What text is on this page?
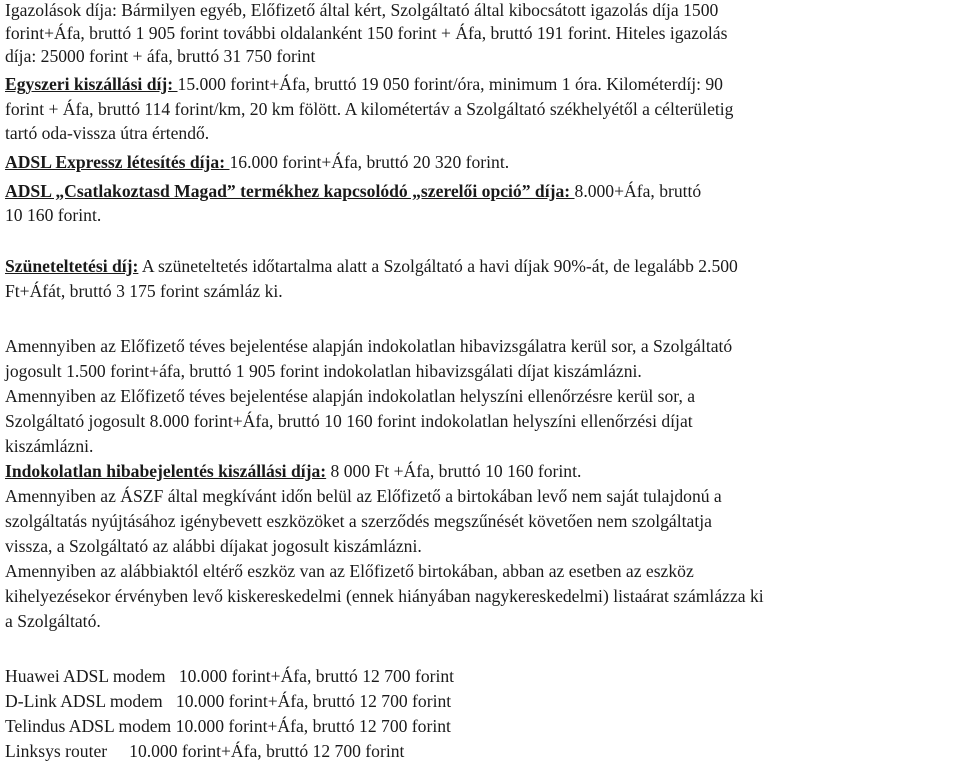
Igazolások díja: Bármilyen egyéb, Előfizető által kért, Szolgáltató által kibocsátott igazolás díja 1500
forint+Áfa, bruttó 1 905 forint további oldalanként 150 forint + Áfa, bruttó 191 forint. Hiteles igazolás
díja: 25000 forint + áfa, bruttó 31 750 forint
Egyszeri kiszállási díj: 15.000 forint+Áfa, bruttó 19 050 forint/óra, minimum 1 óra. Kilométerdíj: 90
forint + Áfa, bruttó 114 forint/km, 20 km fölött. A kilométertáv a Szolgáltató székhelyétől a célterületig
tartó oda-vissza útra értendő.
ADSL Expressz létesítés díja: 16.000 forint+Áfa, bruttó 20 320 forint.
ADSL „Csatlakoztasd Magad” termékhez kapcsolódó „szerelői opció” díja: 8.000+Áfa, bruttó
10 160 forint.
Szüneteltetési díj: A szüneteltetés időtartalma alatt a Szolgáltató a havi díjak 90%-át, de legalább 2.500
Ft+Áfát, bruttó 3 175 forint számláz ki.
Amennyiben az Előfizető téves bejelentése alapján indokolatlan hibavizsgálatra kerül sor, a Szolgáltató
jogosult 1.500 forint+áfa, bruttó 1 905 forint indokolatlan hibavizsgálati díjat kiszámlázni.
Amennyiben az Előfizető téves bejelentése alapján indokolatlan helyszíni ellenőrzésre kerül sor, a
Szolgáltató jogosult 8.000 forint+Áfa, bruttó 10 160 forint indokolatlan helyszíni ellenőrzési díjat
kiszámlázni.
Indokolatlan hibabejelentés kiszállási díja: 8 000 Ft +Áfa, bruttó 10 160 forint.
Amennyiben az ÁSZF által megkívánt időn belül az Előfizető a birtokában levő nem saját tulajdonú a
szolgáltatás nyújtásához igénybevett eszközöket a szerződés megszűnését követően nem szolgáltatja
vissza, a Szolgáltató az alábbi díjakat jogosult kiszámlázni.
Amennyiben az alábbiaktól eltérő eszköz van az Előfizető birtokában, abban az esetben az eszköz
kihelyezésekor érvényben levő kiskereskedelmi (ennek hiányában nagykereskedelmi) listaárat számlázza ki
a Szolgáltató.
Huawei ADSL modem 10.000 forint+Áfa, bruttó 12 700 forint
D-Link ADSL modem 10.000 forint+Áfa, bruttó 12 700 forint
Telindus ADSL modem 10.000 forint+Áfa, bruttó 12 700 forint
Linksys router 10.000 forint+Áfa, bruttó 12 700 forint
